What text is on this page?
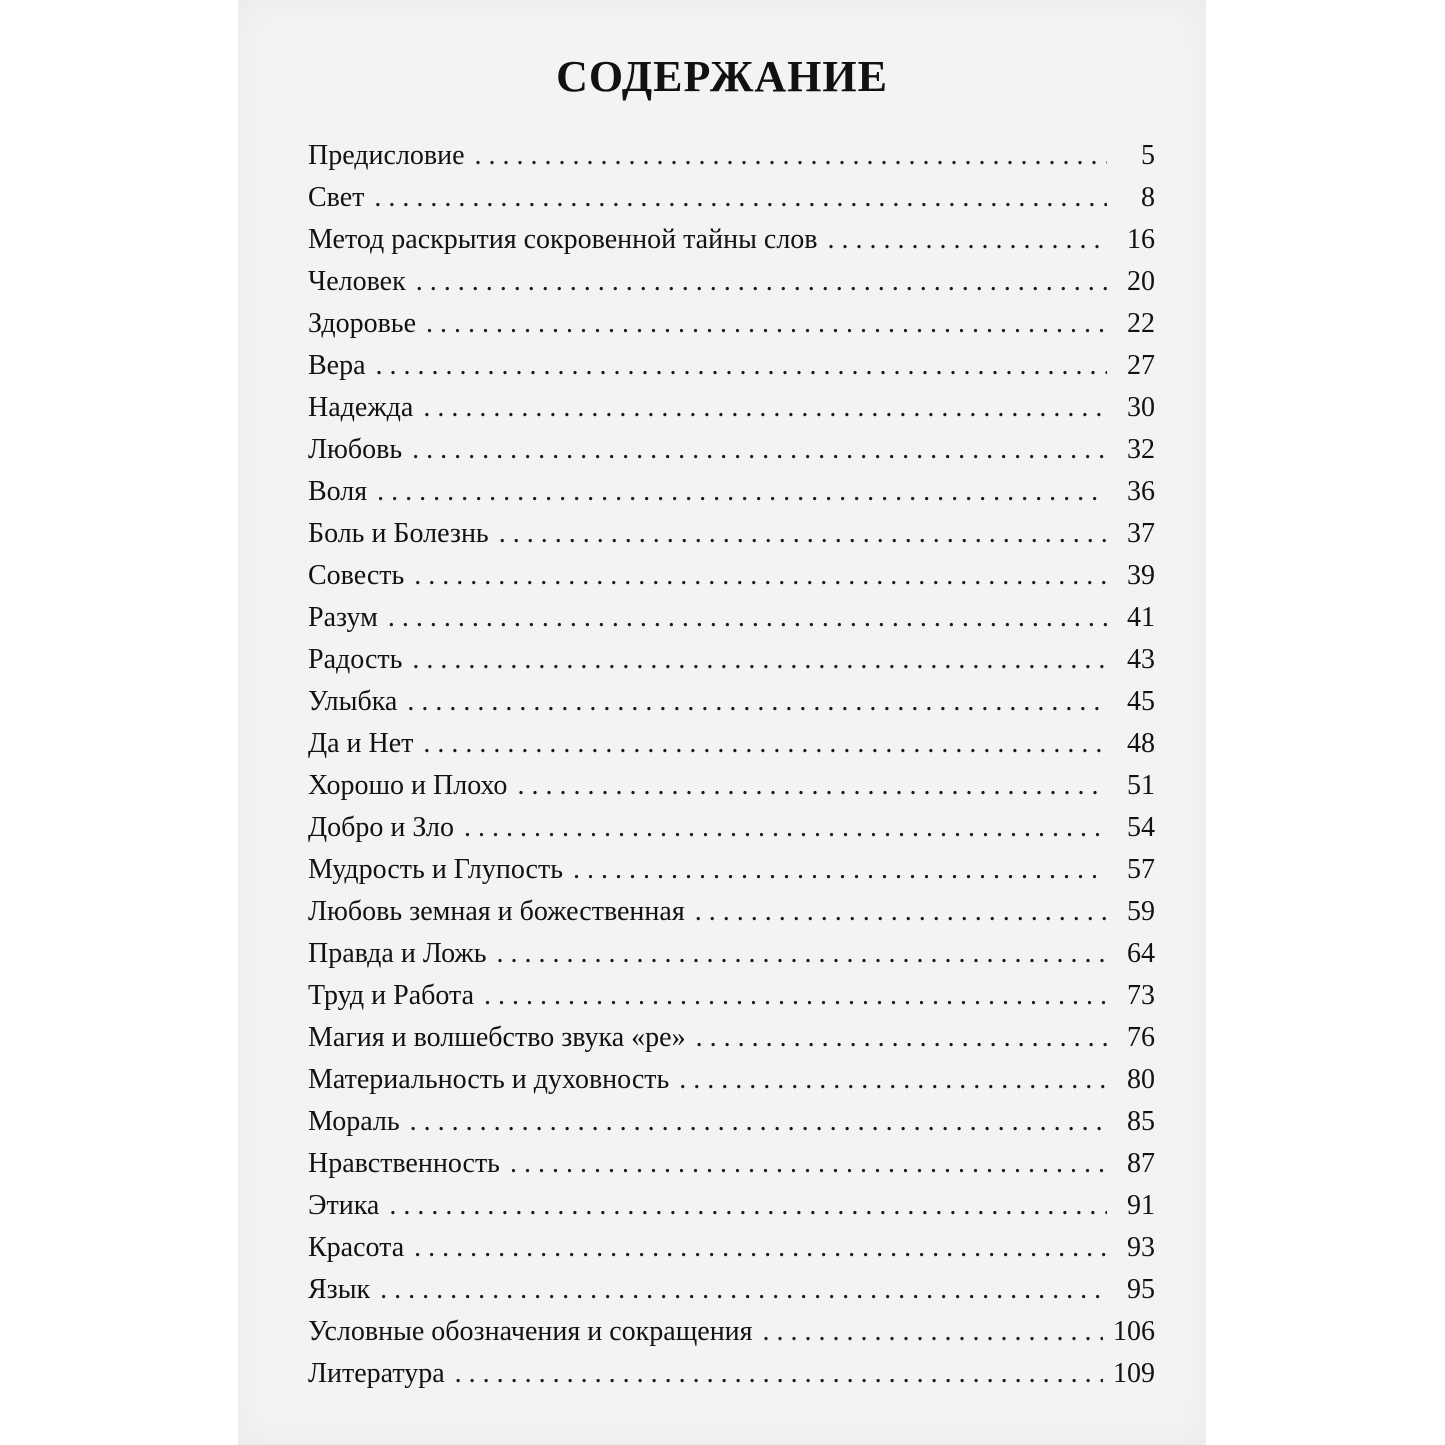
СОДЕРЖАНИЕ
Предисловие . . .	5
Свет . . .	8
Метод раскрытия сокровенной тайны слов . . .	16
Человек . . .	20
Здоровье . . .	22
Вера . . .	27
Надежда . . .	30
Любовь . . .	32
Воля . . .	36
Боль и Болезнь . . .	37
Совесть . . .	39
Разум . . .	41
Радость . . .	43
Улыбка . . .	45
Да и Нет . . .	48
Хорошо и Плохо . . .	51
Добро и Зло . . .	54
Мудрость и Глупость . . .	57
Любовь земная и божественная . . .	59
Правда и Ложь . . .	64
Труд и Работа . . .	73
Магия и волшебство звука «ре» . . .	76
Материальность и духовность . . .	80
Мораль . . .	85
Нравственность . . .	87
Этика . . .	91
Красота . . .	93
Язык . . .	95
Условные обозначения и сокращения . . .	106
Литература . . .	109
